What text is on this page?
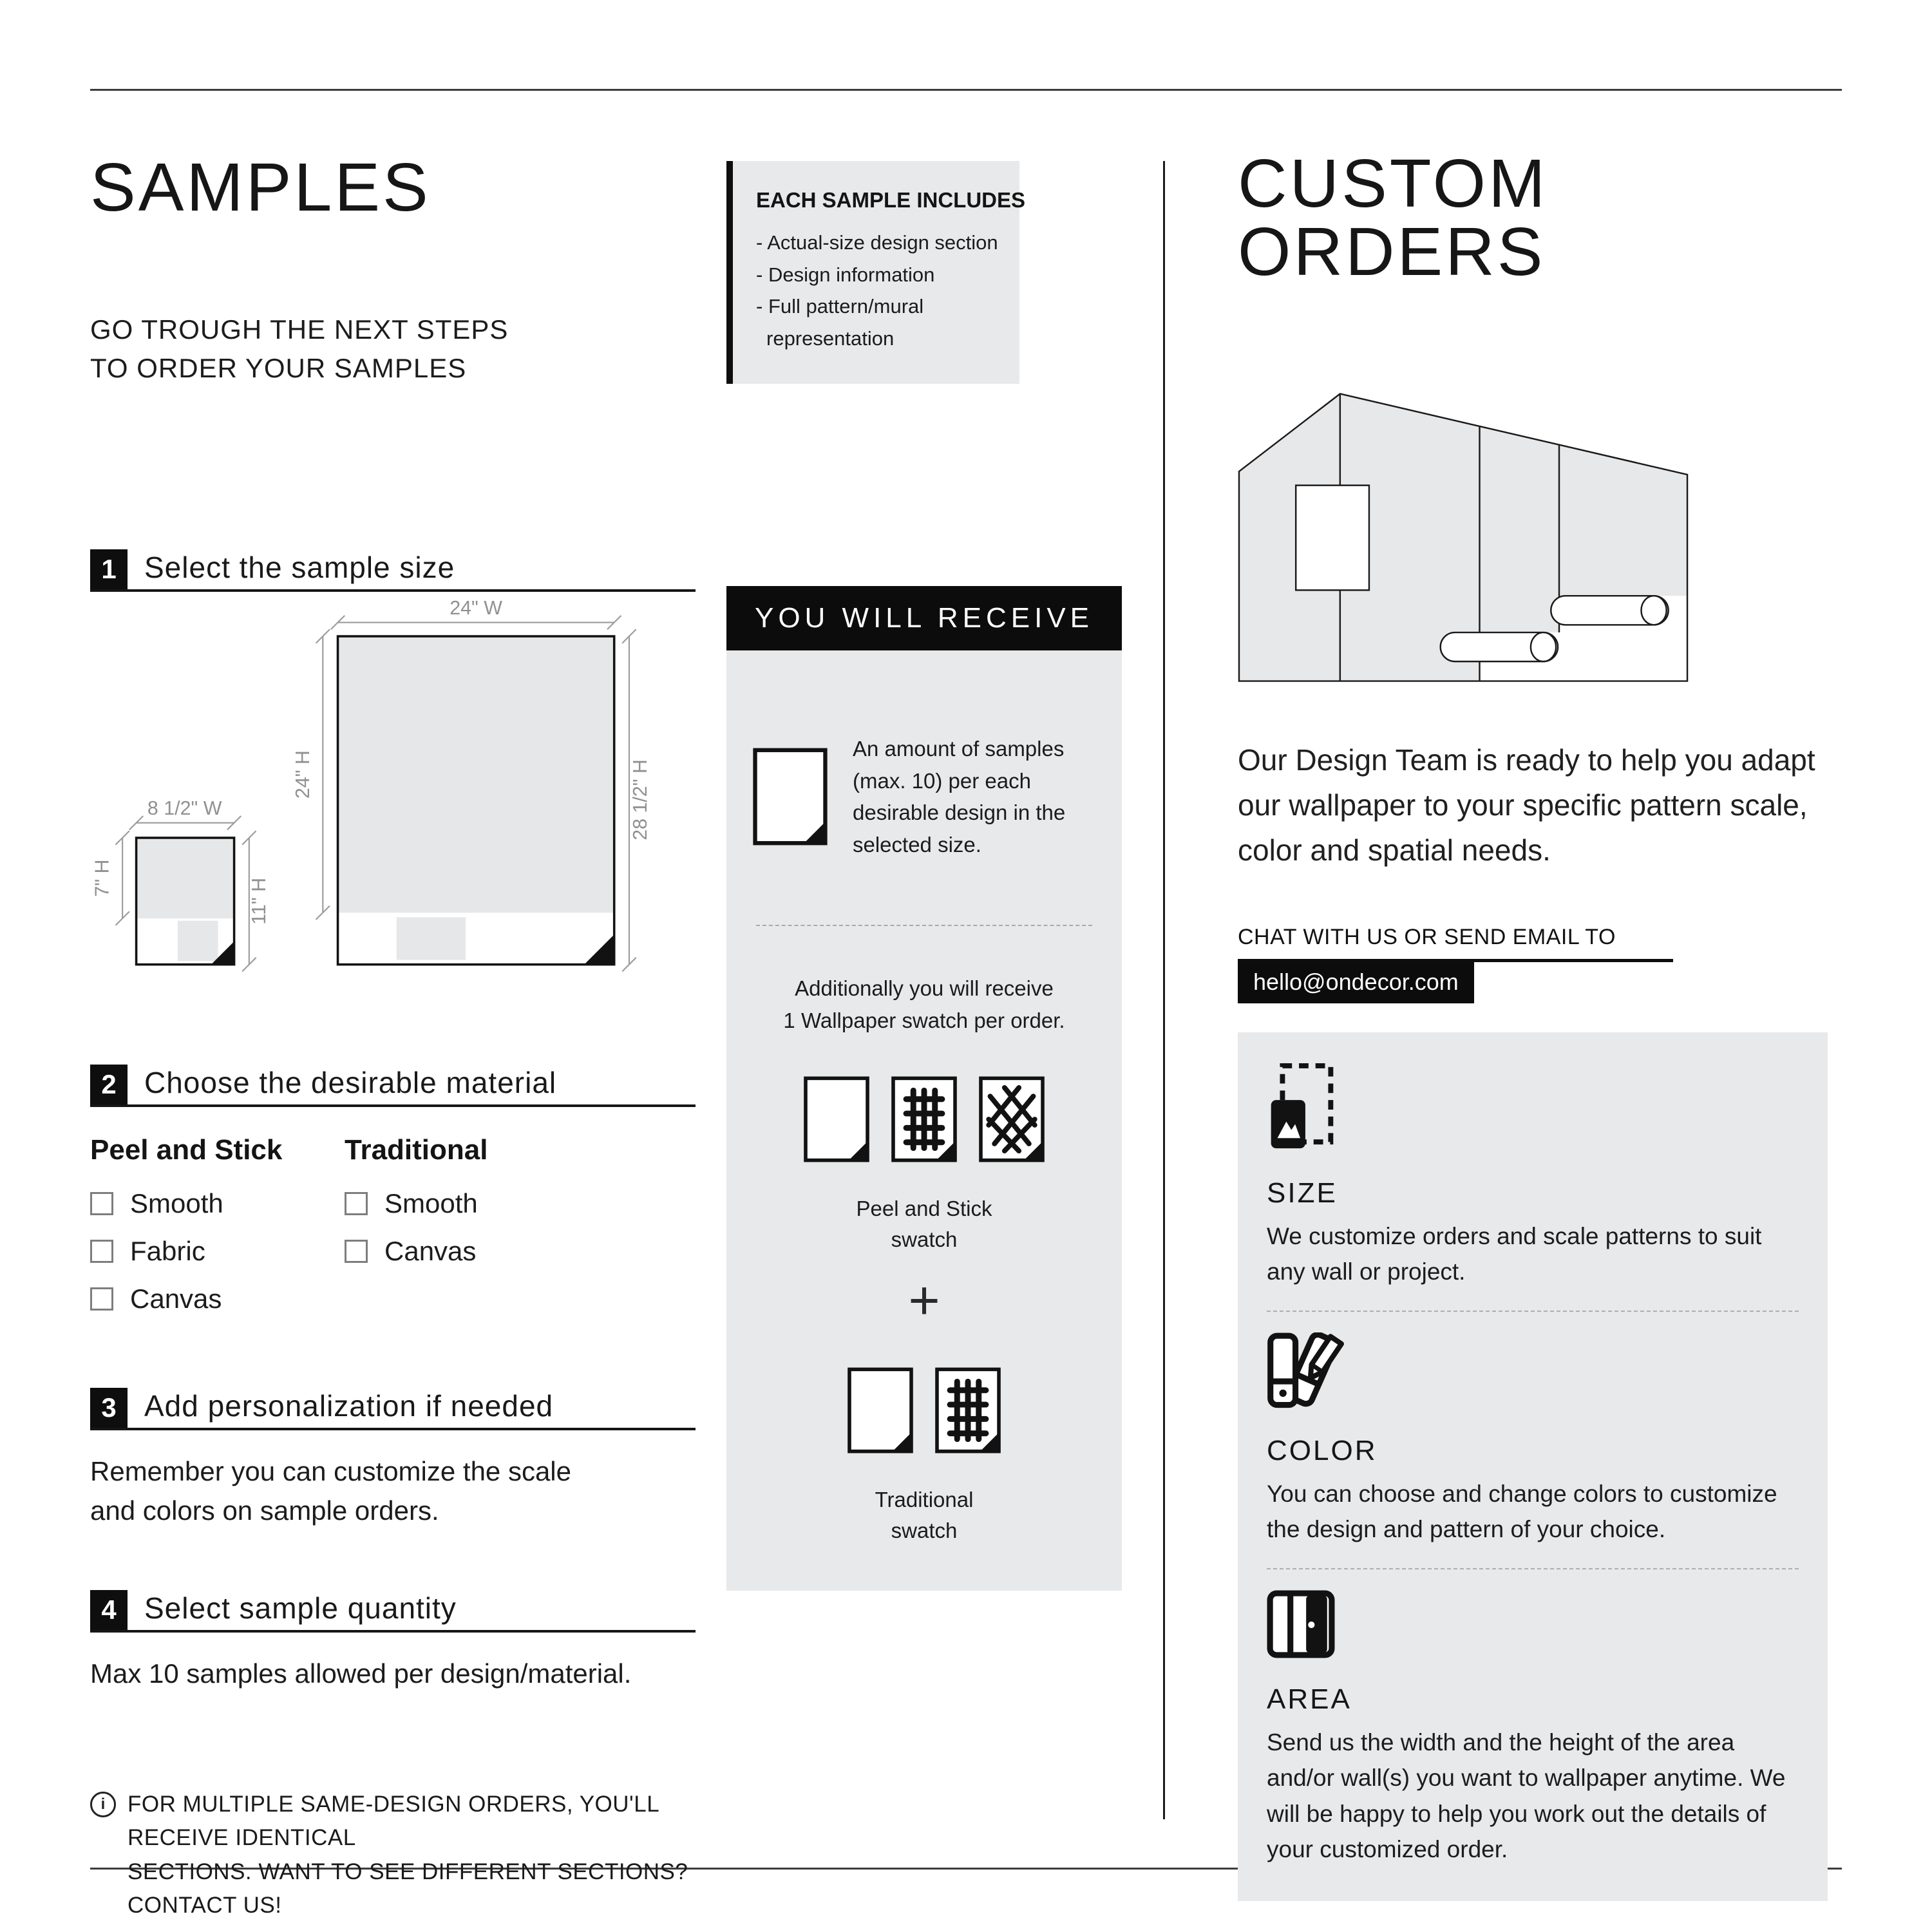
SAMPLES
GO TROUGH THE NEXT STEPS
TO ORDER YOUR SAMPLES
1 Select the sample size
24" W
24" H	28 1/2" H
8 1/2" W
7" H	11" H
2 Choose the desirable material
Peel and Stick
Smooth
Fabric
Canvas
Traditional
Smooth
Canvas
3 Add personalization if needed

Remember you can customize the scale and colors on sample orders.

4 Select sample quantity

Max 10 samples allowed per design/material.

i FOR MULTIPLE SAME-DESIGN ORDERS, YOU'LL RECEIVE IDENTICAL
SECTIONS. WANT TO SEE DIFFERENT SECTIONS? CONTACT US!
EACH SAMPLE INCLUDES
- Actual-size design section
- Design information
- Full pattern/mural
representation
YOU WILL RECEIVE

An amount of samples (max. 10) per each desirable design in the selected size.

Additionally you will receive
1 Wallpaper swatch per order.

Peel and Stick
swatch

+

Traditional
swatch

CUSTOM ORDERS

Our Design Team is ready to help you adapt our wallpaper to your specific pattern scale, color and spatial needs.

CHAT WITH US OR SEND EMAIL TO
hello@ondecor.com
SIZE

We customize orders and scale patterns to suit any wall or project.

COLOR

You can choose and change colors to customize the design and pattern of your choice.

AREA

Send us the width and the height of the area and/or wall(s) you want to wallpaper anytime. We will be happy to help you work out the details of your customized order.
